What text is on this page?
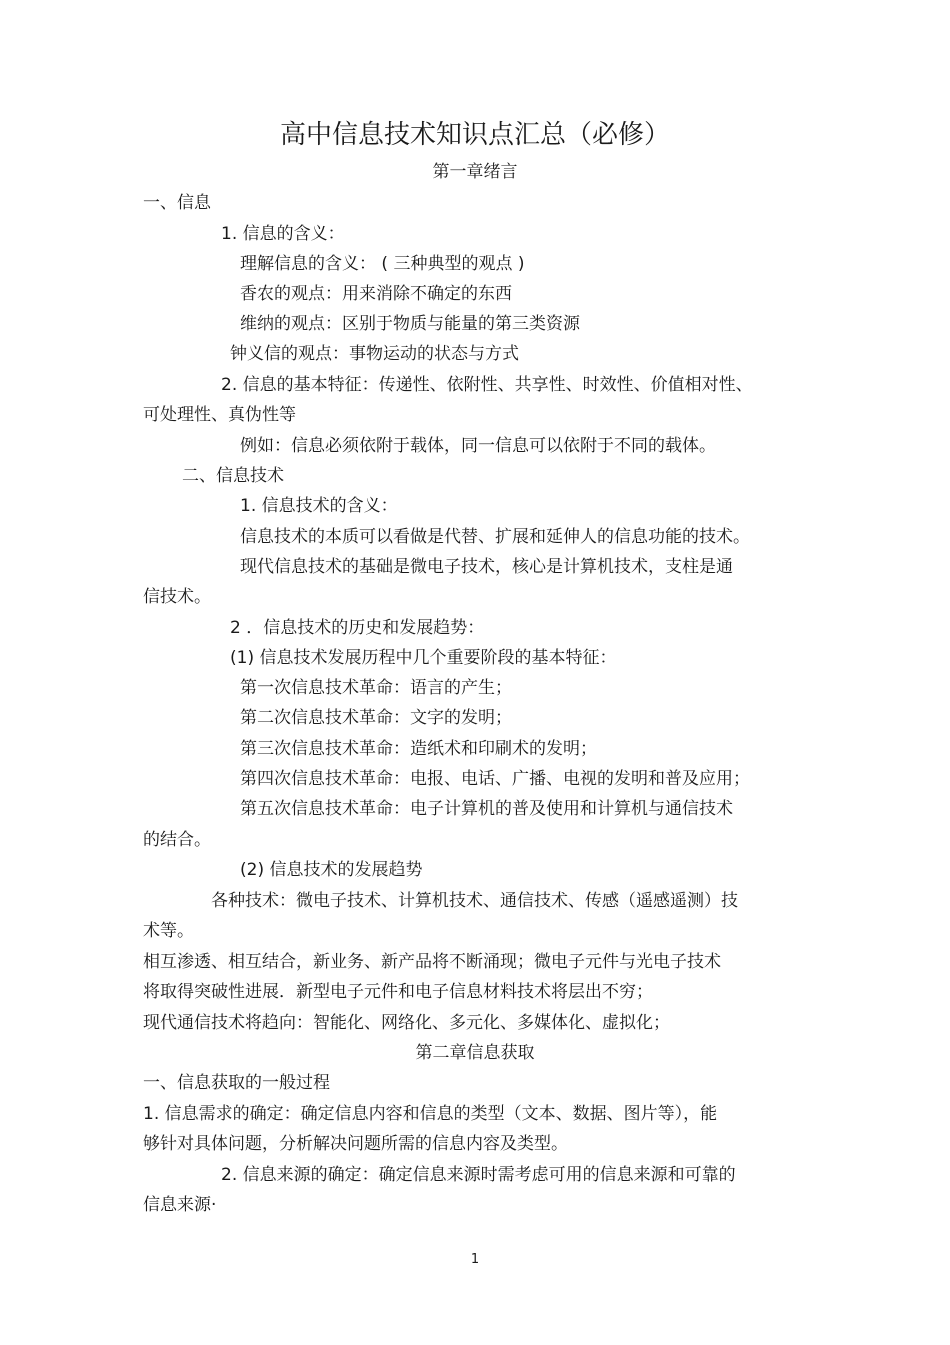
高中信息技术知识点汇总（必修）
第一章绪言
一、信息
1. 信息的含义：
理解信息的含义： ( 三种典型的观点 )
香农的观点：用来消除不确定的东西
维纳的观点：区别于物质与能量的第三类资源
钟义信的观点：事物运动的状态与方式
2. 信息的基本特征：传递性、依附性、共享性、时效性、价值相对性、
可处理性、真伪性等
例如：信息必须依附于载体，同一信息可以依附于不同的载体。
二、信息技术
1. 信息技术的含义：
信息技术的本质可以看做是代替、扩展和延伸人的信息功能的技术。
现代信息技术的基础是微电子技术，核心是计算机技术，支柱是通
信技术。
2 ．信息技术的历史和发展趋势：
(1) 信息技术发展历程中几个重要阶段的基本特征：
第一次信息技术革命：语言的产生；
第二次信息技术革命：文字的发明；
第三次信息技术革命：造纸术和印刷术的发明；
第四次信息技术革命：电报、电话、广播、电视的发明和普及应用；
第五次信息技术革命：电子计算机的普及使用和计算机与通信技术
的结合。
(2) 信息技术的发展趋势
各种技术：微电子技术、计算机技术、通信技术、传感（遥感遥测）技
术等。
相互渗透、相互结合，新业务、新产品将不断涌现；微电子元件与光电子技术
将取得突破性进展．新型电子元件和电子信息材料技术将层出不穷；
现代通信技术将趋向：智能化、网络化、多元化、多媒体化、虚拟化；
第二章信息获取
一、信息获取的一般过程
1. 信息需求的确定：确定信息内容和信息的类型（文本、数据、图片等），能
够针对具体问题，分析解决问题所需的信息内容及类型。
2. 信息来源的确定：确定信息来源时需考虑可用的信息来源和可靠的
信息来源·
1
